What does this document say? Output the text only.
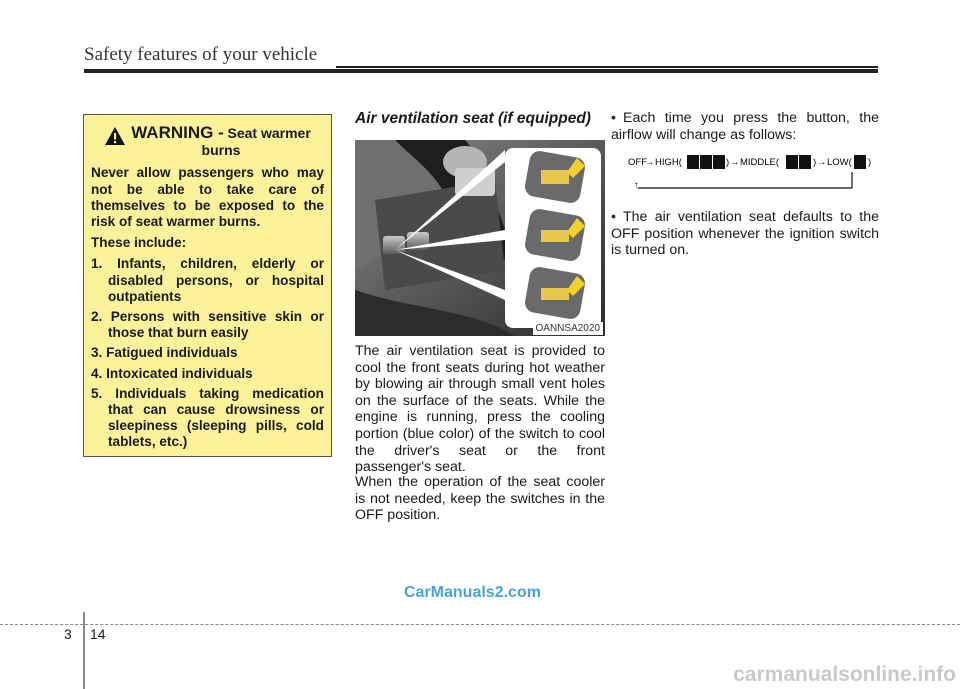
Safety features of your vehicle
WARNING - Seat warmer
burns

Never allow passengers who may not be able to take care of themselves to be exposed to the risk of seat warmer burns.

These include:

1. Infants, children, elderly or disabled persons, or hospital outpatients
2. Persons with sensitive skin or those that burn easily
3. Fatigued individuals
4. Intoxicated individuals
5. Individuals taking medication that can cause drowsiness or sleepiness (sleeping pills, cold tablets, etc.)
Air ventilation seat (if equipped)
OANNSA2020

The air ventilation seat is provided to cool the front seats during hot weather by blowing air through small vent holes on the surface of the seats. While the engine is running, press the cooling portion (blue color) of the switch to cool the driver's seat or the front passenger's seat.

When the operation of the seat cooler is not needed, keep the switches in the OFF position.

• Each time you press the button, the airflow will change as follows:

OFF
→ HIGH(	) → MIDDLE(	) → LOW( )
↑

• The air ventilation seat defaults to the OFF position whenever the ignition switch is turned on.

CarManuals2.com
3 14
carmanualsonline.info
